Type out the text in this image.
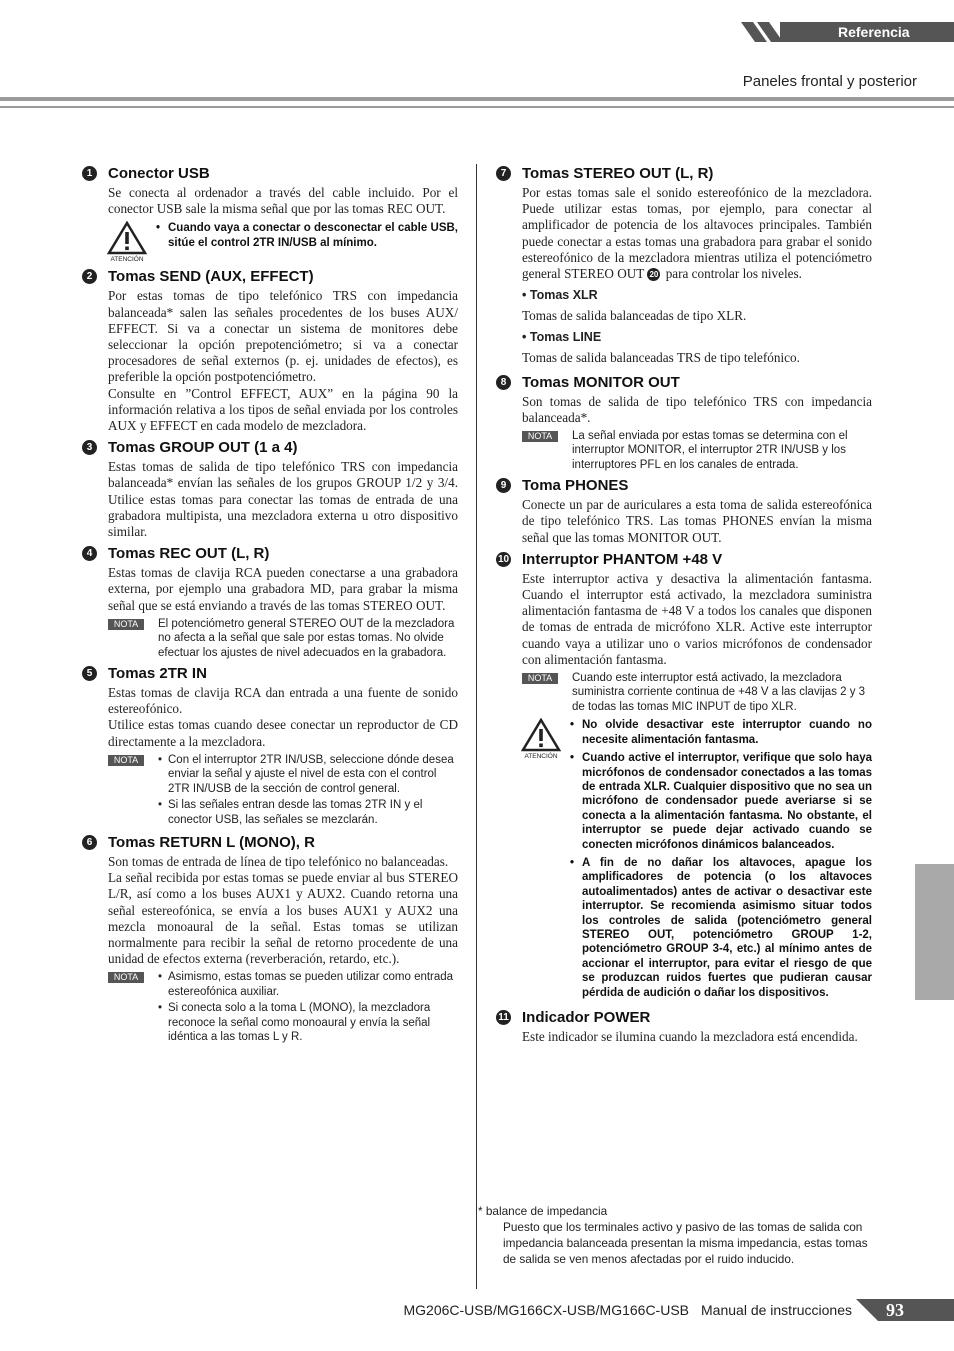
Referencia
Paneles frontal y posterior
1	Conector USB

Se conecta al ordenador a través del cable incluido. Por el conector USB sale la misma señal que por las tomas REC OUT.

ATENCIÓN
• Cuando vaya a conectar o desconectar el cable USB, sitúe el control 2TR IN/USB al mínimo.
2	Tomas SEND (AUX, EFFECT)

Por estas tomas de tipo telefónico TRS con impedancia balanceada* salen las señales procedentes de los buses AUX/ EFFECT. Si va a conectar un sistema de monitores debe seleccionar la opción prepotenciómetro; si va a conectar procesadores de señal externos (p. ej. unidades de efectos), es preferible la opción postpotenciómetro.

Consulte en ”Control EFFECT, AUX” en la página 90 la información relativa a los tipos de señal enviada por los controles AUX y EFFECT en cada modelo de mezcladora.

3	Tomas GROUP OUT (1 a 4)

Estas tomas de salida de tipo telefónico TRS con impedancia balanceada* envían las señales de los grupos GROUP 1/2 y 3/4. Utilice estas tomas para conectar las tomas de entrada de una grabadora multipista, una mezcladora externa u otro dispositivo similar.

4	Tomas REC OUT (L, R)

Estas tomas de clavija RCA pueden conectarse a una grabadora externa, por ejemplo una grabadora MD, para grabar la misma señal que se está enviando a través de las tomas STEREO OUT.

NOTA	El potenciómetro general STEREO OUT de la mezcladora no afecta a la señal que sale por estas tomas. No olvide efectuar los ajustes de nivel adecuados en la grabadora.
5	Tomas 2TR IN

Estas tomas de clavija RCA dan entrada a una fuente de sonido estereofónico.

Utilice estas tomas cuando desee conectar un reproductor de CD directamente a la mezcladora.

NOTA	• Con el interruptor 2TR IN/USB, seleccione dónde desea enviar la señal y ajuste el nivel de esta con el control 2TR IN/USB de la sección de control general.
• Si las señales entran desde las tomas 2TR IN y el conector USB, las señales se mezclarán.
6	Tomas RETURN L (MONO), R

Son tomas de entrada de línea de tipo telefónico no balanceadas.

La señal recibida por estas tomas se puede enviar al bus STEREO L/R, así como a los buses AUX1 y AUX2. Cuando retorna una señal estereofónica, se envía a los buses AUX1 y AUX2 una mezcla monoaural de la señal. Estas tomas se utilizan normalmente para recibir la señal de retorno procedente de una unidad de efectos externa (reverberación, retardo, etc.).

NOTA	• Asimismo, estas tomas se pueden utilizar como entrada estereofónica auxiliar.
• Si conecta solo a la toma L (MONO), la mezcladora reconoce la señal como monoaural y envía la señal idéntica a las tomas L y R.
7	Tomas STEREO OUT (L, R)

Por estas tomas sale el sonido estereofónico de la mezcladora. Puede utilizar estas tomas, por ejemplo, para conectar al amplificador de potencia de los altavoces principales. También puede conectar a estas tomas una grabadora para grabar el sonido estereofónico de la mezcladora mientras utiliza el potenciómetro general STEREO OUT 20 para controlar los niveles.

• Tomas XLR

Tomas de salida balanceadas de tipo XLR.

• Tomas LINE

Tomas de salida balanceadas TRS de tipo telefónico.

8	Tomas MONITOR OUT

Son tomas de salida de tipo telefónico TRS con impedancia balanceada*.

NOTA	La señal enviada por estas tomas se determina con el interruptor MONITOR, el interruptor 2TR IN/USB y los interruptores PFL en los canales de entrada.
9	Toma PHONES

Conecte un par de auriculares a esta toma de salida estereofónica de tipo telefónico TRS. Las tomas PHONES envían la misma señal que las tomas MONITOR OUT.

10 Interruptor PHANTOM +48 V

Este interruptor activa y desactiva la alimentación fantasma. Cuando el interruptor está activado, la mezcladora suministra alimentación fantasma de +48 V a todos los canales que disponen de tomas de entrada de micrófono XLR. Active este interruptor cuando vaya a utilizar uno o varios micrófonos de condensador con alimentación fantasma.

NOTA	Cuando este interruptor está activado, la mezcladora suministra corriente continua de +48 V a las clavijas 2 y 3 de todas las tomas MIC INPUT de tipo XLR.
ATENCIÓN
• No olvide desactivar este interruptor cuando no necesite alimentación fantasma.
• Cuando active el interruptor, verifique que solo haya micrófonos de condensador conectados a las tomas de entrada XLR. Cualquier dispositivo que no sea un micrófono de condensador puede averiarse si se conecta a la alimentación fantasma. No obstante, el interruptor se puede dejar activado cuando se conecten micrófonos dinámicos balanceados.
• A fin de no dañar los altavoces, apague los amplificadores de potencia (o los altavoces autoalimentados) antes de activar o desactivar este interruptor. Se recomienda asimismo situar todos los controles de salida (potenciómetro general STEREO OUT, potenciómetro GROUP 1-2, potenciómetro GROUP 3-4, etc.) al mínimo antes de accionar el interruptor, para evitar el riesgo de que se produzcan ruidos fuertes que pudieran causar pérdida de audición o dañar los dispositivos.
11 Indicador POWER

Este indicador se ilumina cuando la mezcladora está encendida.

* balance de impedancia
Puesto que los terminales activo y pasivo de las tomas de salida con impedancia balanceada presentan la misma impedancia, estas tomas de salida se ven menos afectadas por el ruido inducido.
MG206C-USB/MG166CX-USB/MG166C-USB Manual de instrucciones	93
